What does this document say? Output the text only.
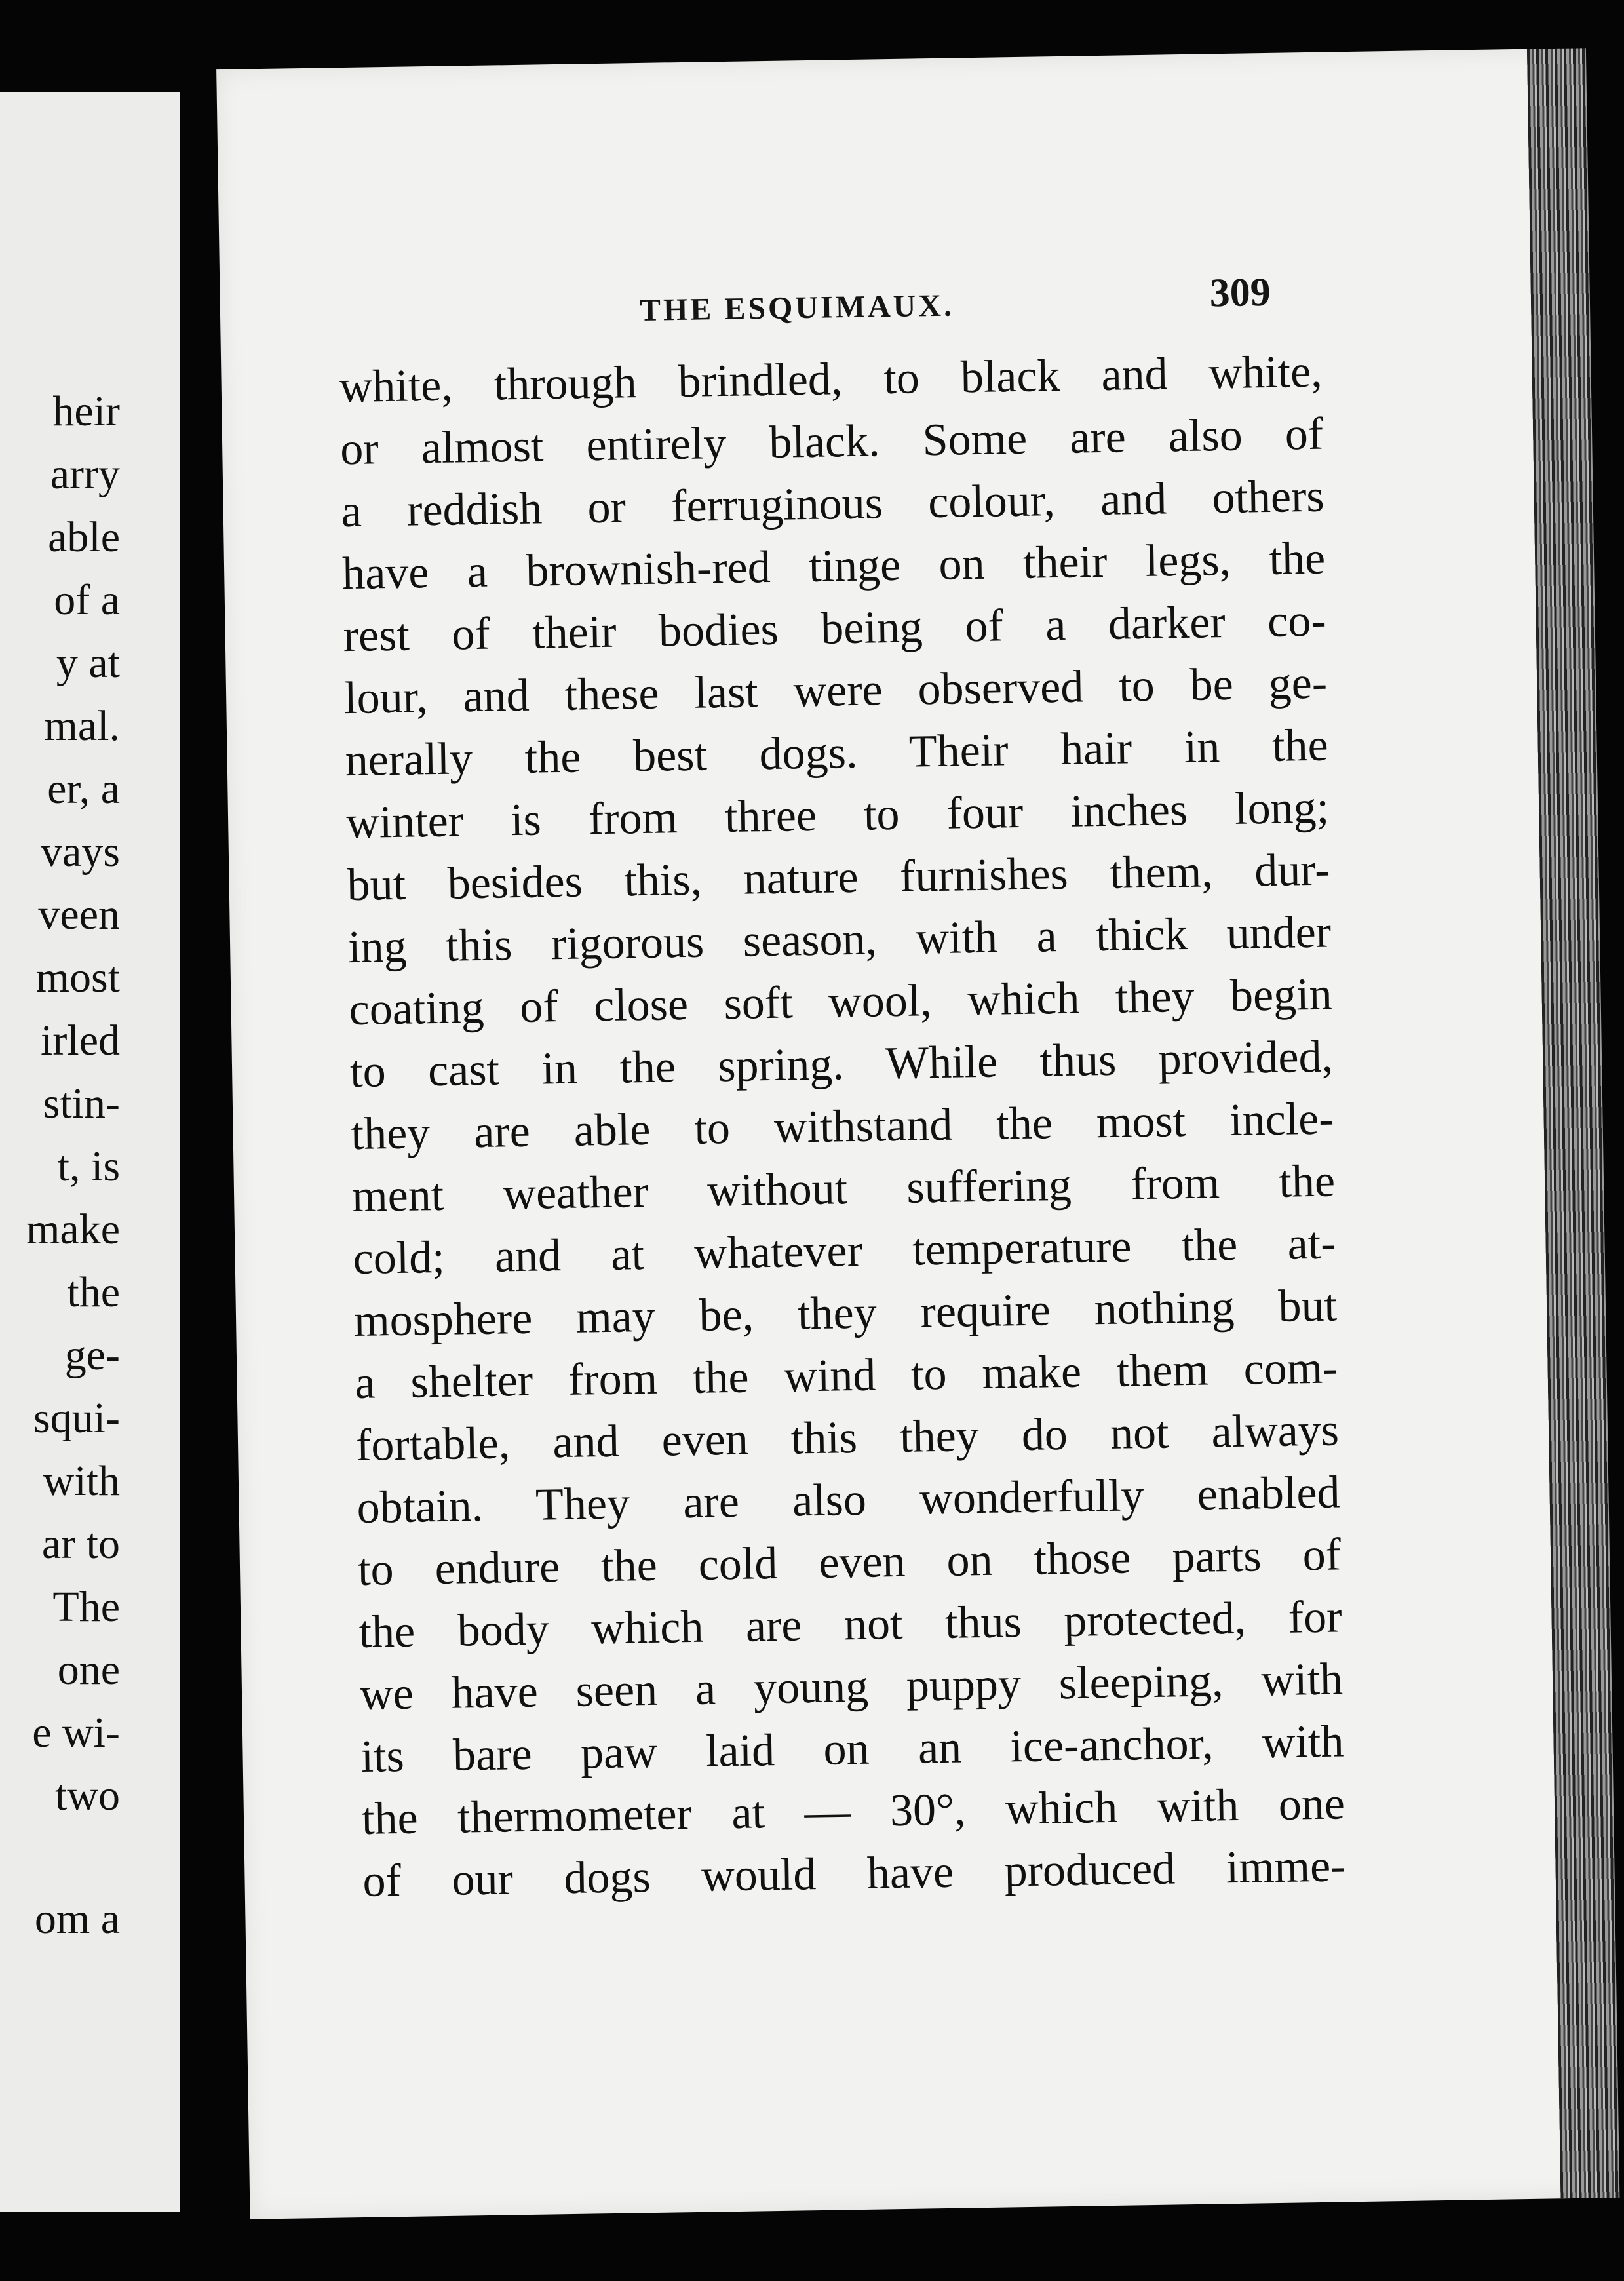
heir
arry
able
of a
y at
mal.
er, a
vays
veen
most
irled
stin-
t, is
make
the
ge-
squi-
with
ar to
The
one
e wi-
two
om a
THE ESQUIMAUX.	309
white, through brindled, to black and white,
or almost entirely black. Some are also of
a reddish or ferruginous colour, and others
have a brownish-red tinge on their legs, the
rest of their bodies being of a darker co-
lour, and these last were observed to be ge-
nerally the best dogs. Their hair in the
winter is from three to four inches long;
but besides this, nature furnishes them, dur-
ing this rigorous season, with a thick under
coating of close soft wool, which they begin
to cast in the spring. While thus provided,
they are able to withstand the most incle-
ment weather without suffering from the
cold; and at whatever temperature the at-
mosphere may be, they require nothing but
a shelter from the wind to make them com-
fortable, and even this they do not always
obtain. They are also wonderfully enabled
to endure the cold even on those parts of
the body which are not thus protected, for
we have seen a young puppy sleeping, with
its bare paw laid on an ice-anchor, with
the thermometer at — 30°, which with one
of our dogs would have produced imme-
